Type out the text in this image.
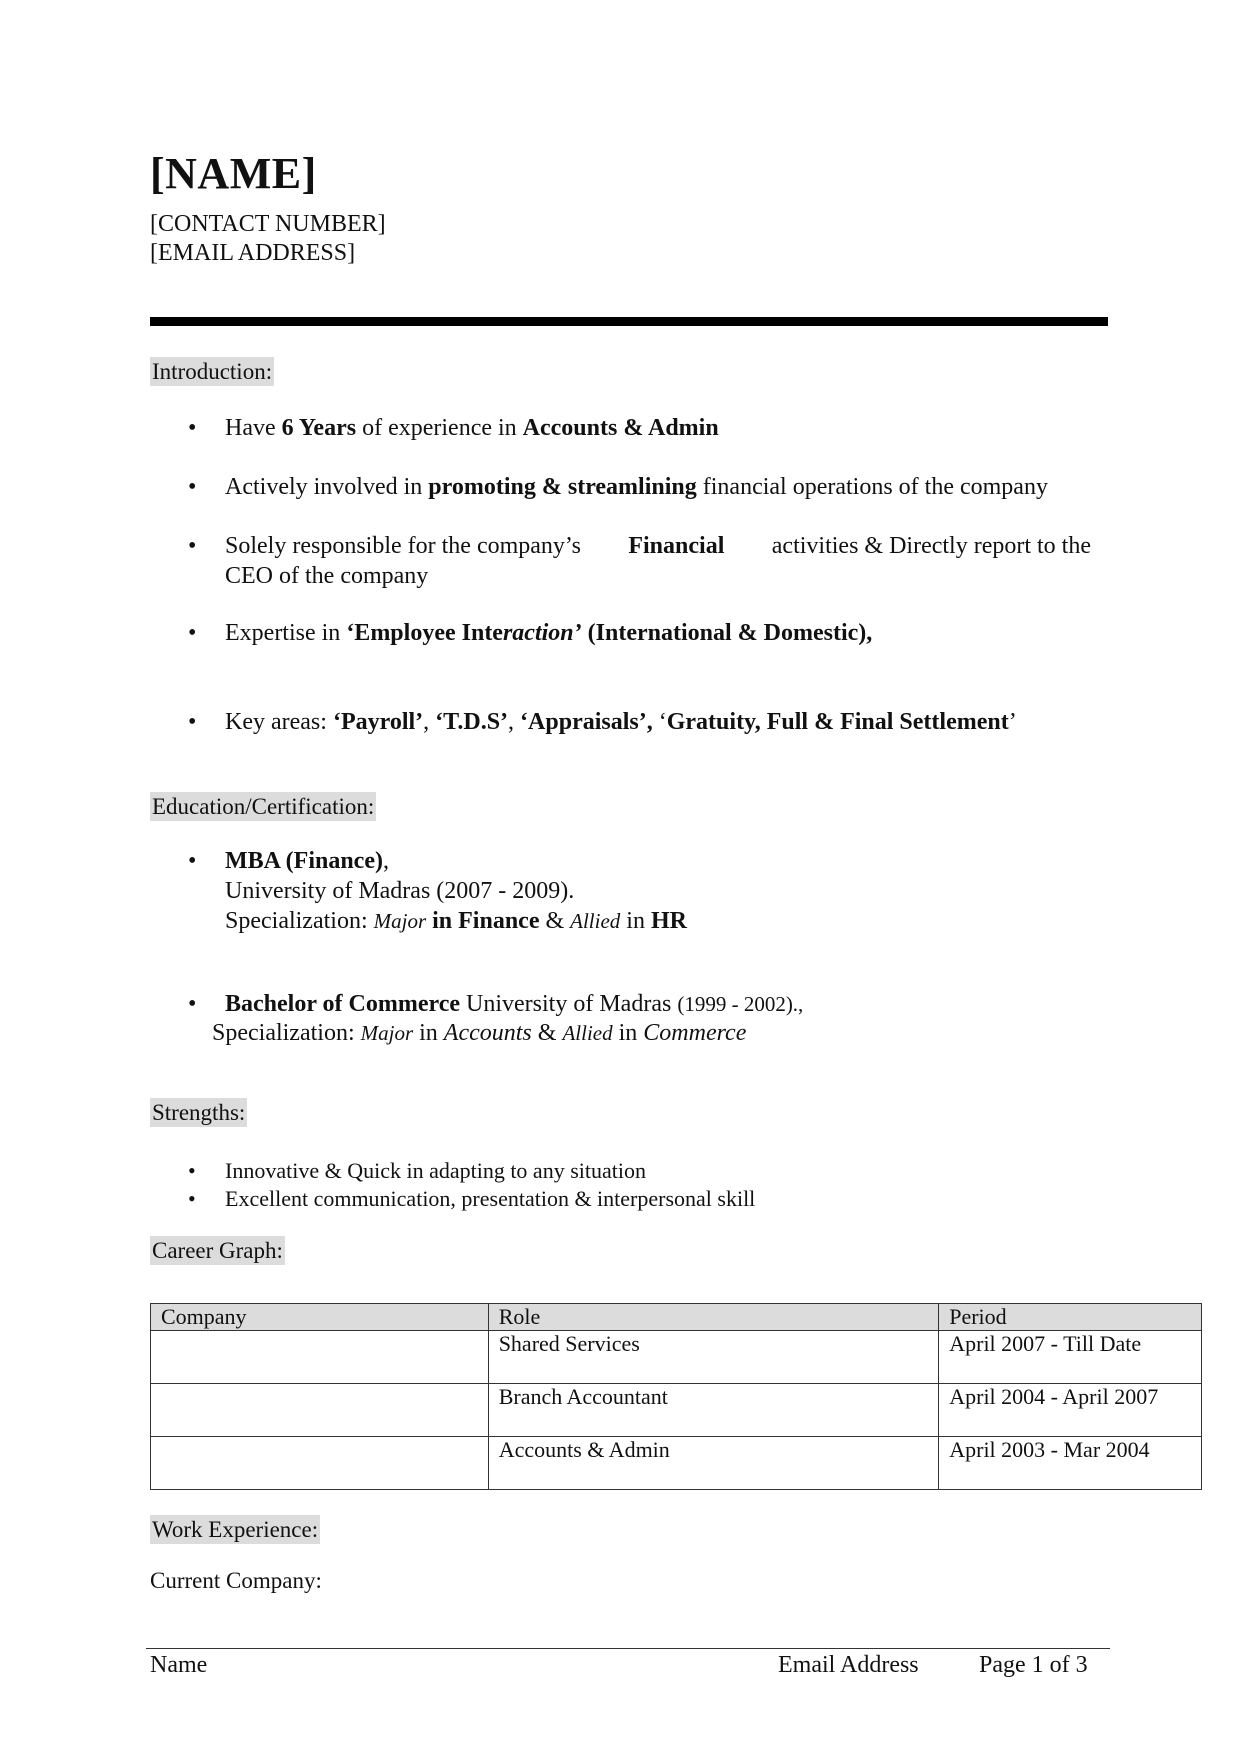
[NAME]
[CONTACT NUMBER]
[EMAIL ADDRESS]
Introduction:
• Have 6 Years of experience in Accounts & Admin
• Actively involved in promoting & streamlining financial operations of the company
• Solely responsible for the company’s Financial activities & Directly report to the
CEO of the company
• Expertise in ‘Employee Interaction’ (International & Domestic),
• Key areas: ‘Payroll’, ‘T.D.S’, ‘Appraisals’, ‘Gratuity, Full & Final Settlement’
Education/Certification:
• MBA (Finance),
University of Madras (2007 - 2009).
Specialization: Major in Finance & Allied in HR
• Bachelor of Commerce University of Madras (1999 - 2002).,
Specialization: Major in Accounts & Allied in Commerce
Strengths:
• Innovative & Quick in adapting to any situation
• Excellent communication, presentation & interpersonal skill
Career Graph:
Company	Role	Period
	Shared Services	April 2007 - Till Date
	Branch Accountant	April 2004 - April 2007
	Accounts & Admin	April 2003 - Mar 2004
Work Experience:
Current Company:
Name	Email Address	Page 1 of 3
